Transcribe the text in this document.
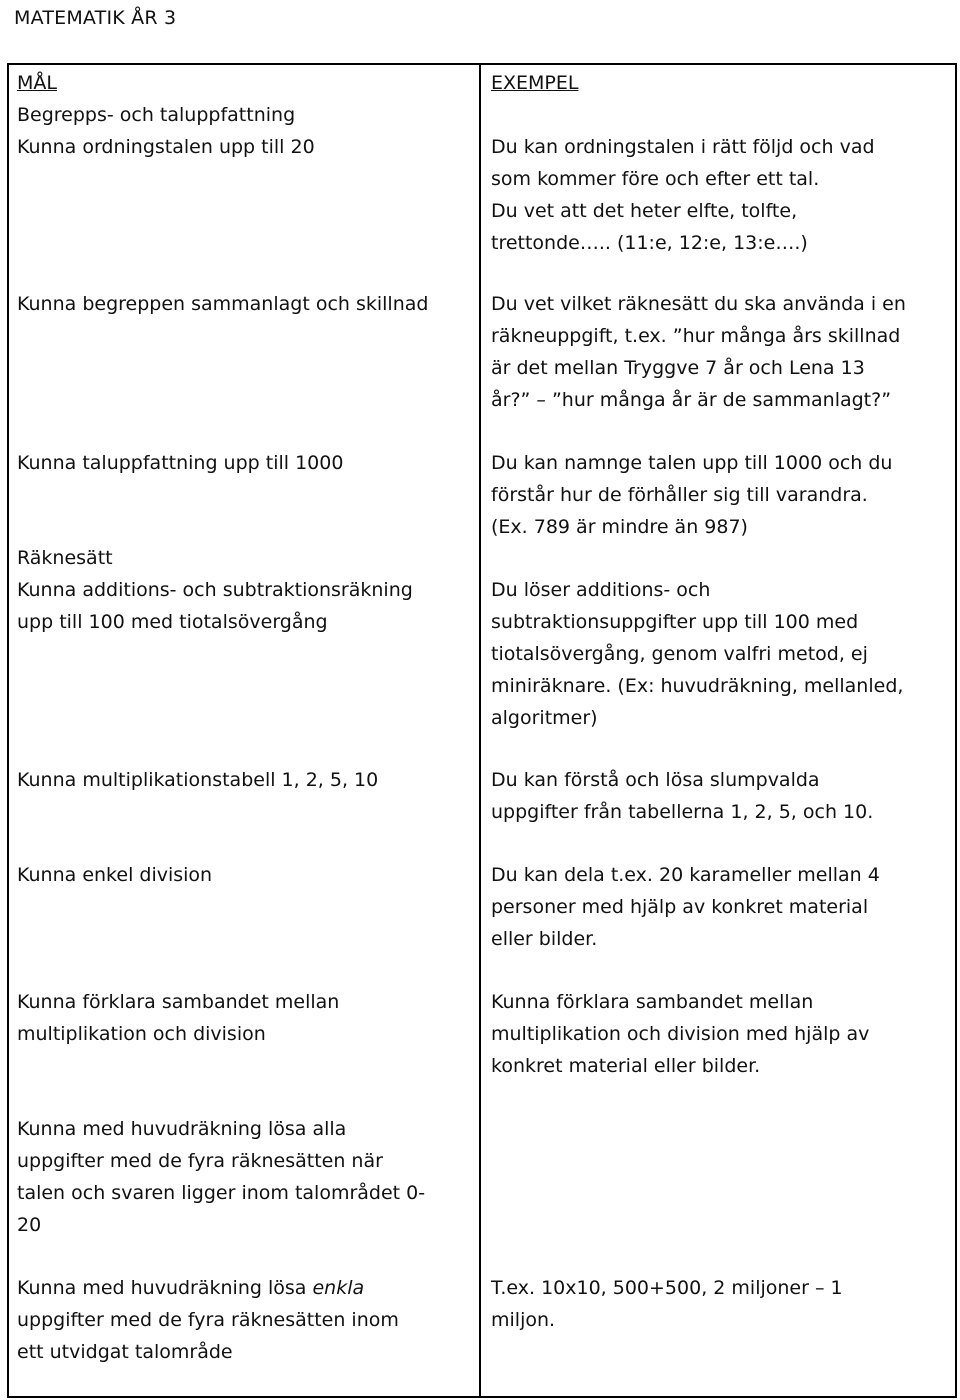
MATEMATIK ÅR 3
MÅL
Begrepps- och taluppfattning
Kunna ordningstalen upp till 20
Kunna begreppen sammanlagt och skillnad
Kunna taluppfattning upp till 1000
Räknesätt
Kunna additions- och subtraktionsräkning
upp till 100 med tiotalsövergång
Kunna multiplikationstabell 1, 2, 5, 10
Kunna enkel division
Kunna förklara sambandet mellan
multiplikation och division
Kunna med huvudräkning lösa alla
uppgifter med de fyra räknesätten när
talen och svaren ligger inom talområdet 0-
20
Kunna med huvudräkning lösa enkla
uppgifter med de fyra räknesätten inom
ett utvidgat talområde
EXEMPEL
Du kan ordningstalen i rätt följd och vad
som kommer före och efter ett tal.
Du vet att det heter elfte, tolfte,
trettonde….. (11:e, 12:e, 13:e….)
Du vet vilket räknesätt du ska använda i en
räkneuppgift, t.ex. ”hur många års skillnad
är det mellan Tryggve 7 år och Lena 13
år?” – ”hur många år är de sammanlagt?”
Du kan namnge talen upp till 1000 och du
förstår hur de förhåller sig till varandra.
(Ex. 789 är mindre än 987)
Du löser additions- och
subtraktionsuppgifter upp till 100 med
tiotalsövergång, genom valfri metod, ej
miniräknare. (Ex: huvudräkning, mellanled,
algoritmer)
Du kan förstå och lösa slumpvalda
uppgifter från tabellerna 1, 2, 5, och 10.
Du kan dela t.ex. 20 karameller mellan 4
personer med hjälp av konkret material
eller bilder.
Kunna förklara sambandet mellan
multiplikation och division med hjälp av
konkret material eller bilder.
T.ex. 10x10, 500+500, 2 miljoner – 1
miljon.
